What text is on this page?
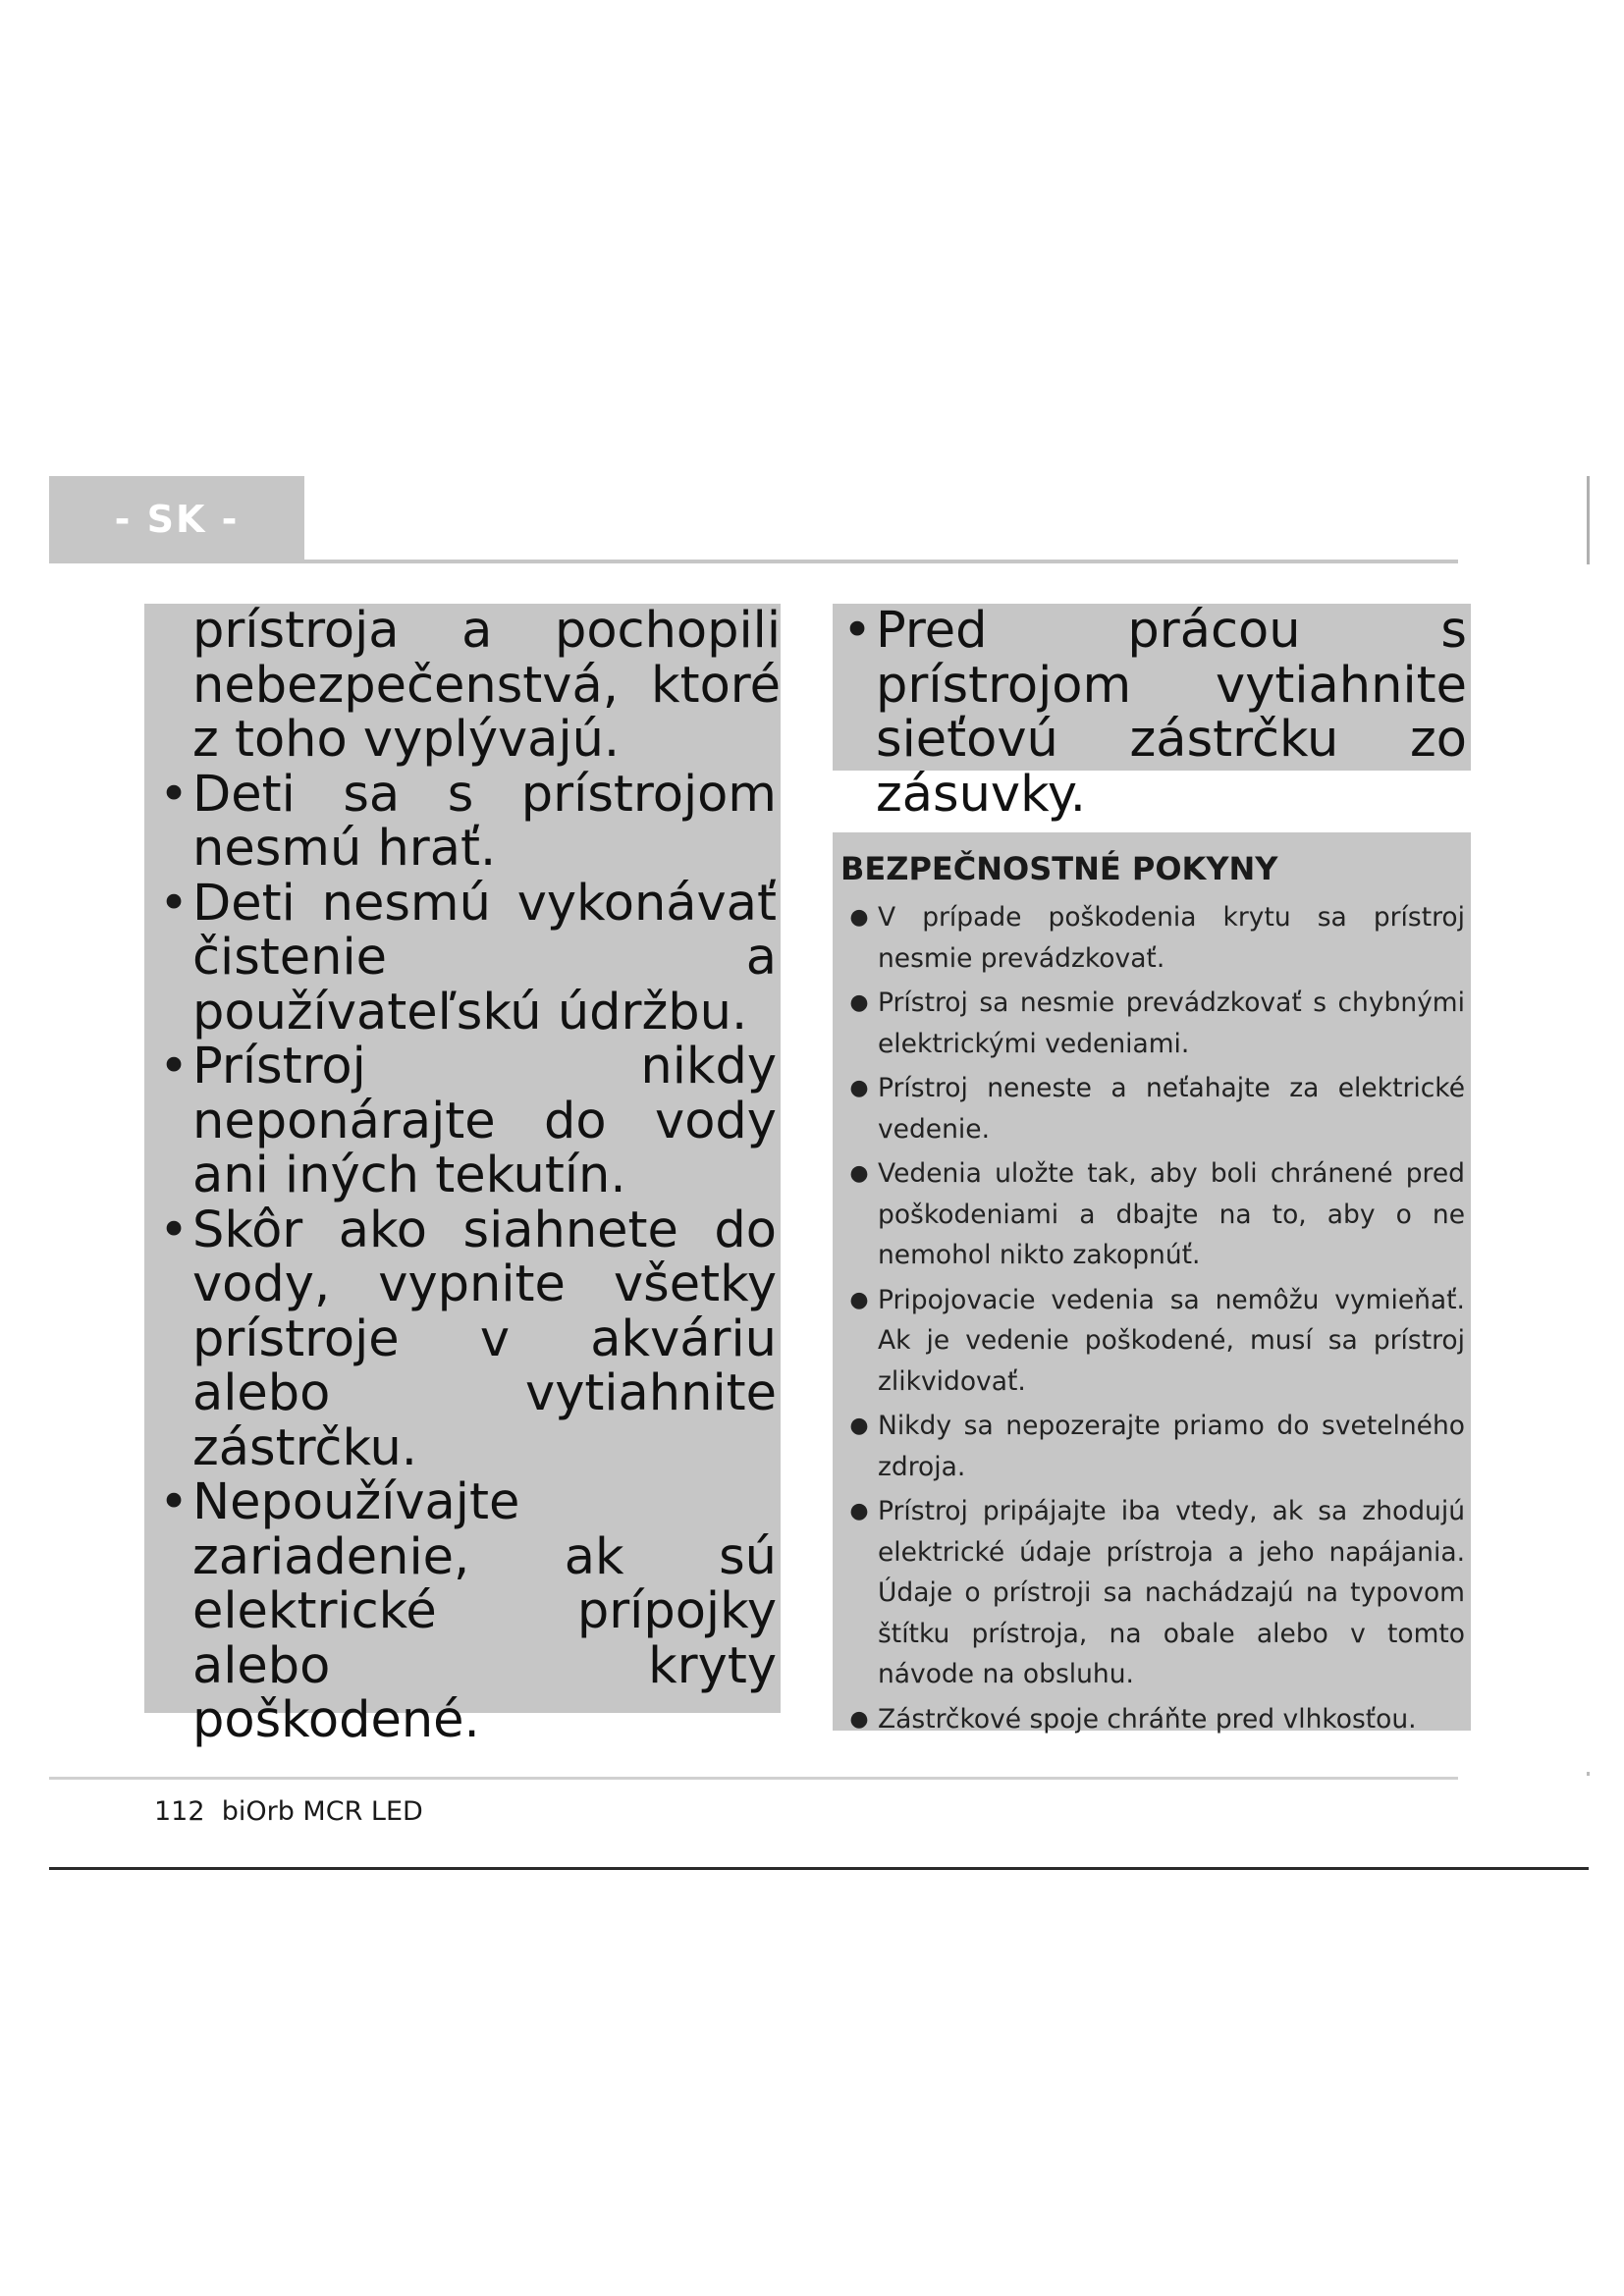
- SK -
prístroja a pochopili nebezpečenstvá, ktoré z toho vyplývajú.
• Deti sa s prístrojom nesmú hrať.
• Deti nesmú vykonávať čistenie a používateľskú údržbu.
• Prístroj nikdy neponárajte do vody ani iných tekutín.
• Skôr ako siahnete do vody, vypnite všetky prístroje v akváriu alebo vytiahnite zástrčku.
• Nepoužívajte zariadenie, ak sú elektrické prípojky alebo kryty poškodené.
• Pred prácou s prístrojom vytiahnite sieťovú zástrčku zo zásuvky.
BEZPEČNOSTNÉ POKYNY
● V prípade poškodenia krytu sa prístroj nesmie prevádzkovať.
● Prístroj sa nesmie prevádzkovať s chybnými elektrickými vedeniami.
● Prístroj neneste a neťahajte za elektrické vedenie.
● Vedenia uložte tak, aby boli chránené pred poškodeniami a dbajte na to, aby o ne nemohol nikto zakopnúť.
● Pripojovacie vedenia sa nemôžu vymieňať. Ak je vedenie poškodené, musí sa prístroj zlikvidovať.
● Nikdy sa nepozerajte priamo do svetelného zdroja.
● Prístroj pripájajte iba vtedy, ak sa zhodujú elektrické údaje prístroja a jeho napájania. Údaje o prístroji sa nachádzajú na typovom štítku prístroja, na obale alebo v tomto návode na obsluhu.
● Zástrčkové spoje chráňte pred vlhkosťou.
112 biOrb MCR LED
